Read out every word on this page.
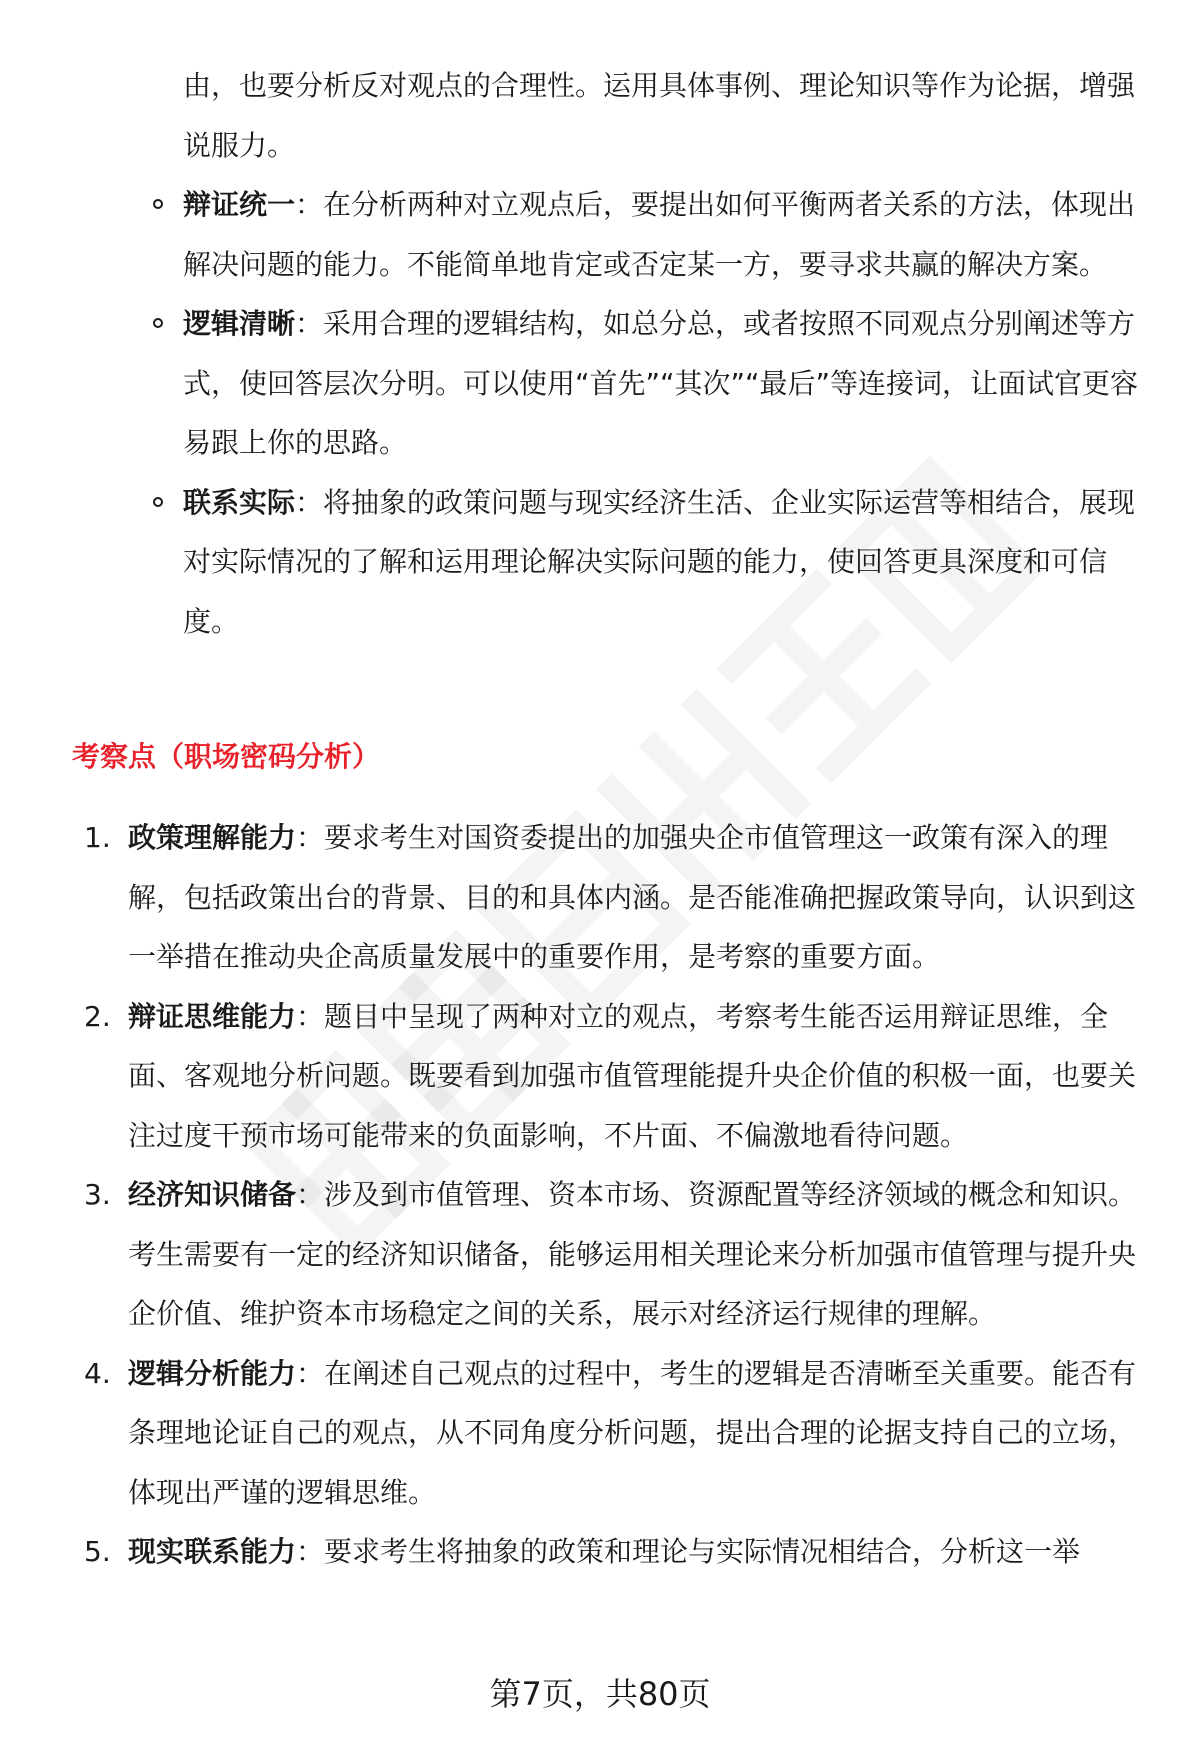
由，也要分析反对观点的合理性。运用具体事例、理论知识等作为论据，增强说服力。
辩证统一：在分析两种对立观点后，要提出如何平衡两者关系的方法，体现出解决问题的能力。不能简单地肯定或否定某一方，要寻求共赢的解决方案。
逻辑清晰：采用合理的逻辑结构，如总分总，或者按照不同观点分别阐述等方式，使回答层次分明。可以使用“首先”“其次”“最后”等连接词，让面试官更容易跟上你的思路。
联系实际：将抽象的政策问题与现实经济生活、企业实际运营等相结合，展现对实际情况的了解和运用理论解决实际问题的能力，使回答更具深度和可信度。
考察点（职场密码分析）
1. 政策理解能力：要求考生对国资委提出的加强央企市值管理这一政策有深入的理解，包括政策出台的背景、目的和具体内涵。是否能准确把握政策导向，认识到这一举措在推动央企高质量发展中的重要作用，是考察的重要方面。
2. 辩证思维能力：题目中呈现了两种对立的观点，考察考生能否运用辩证思维，全面、客观地分析问题。既要看到加强市值管理能提升央企价值的积极一面，也要关注过度干预市场可能带来的负面影响，不片面、不偏激地看待问题。
3. 经济知识储备：涉及到市值管理、资本市场、资源配置等经济领域的概念和知识。考生需要有一定的经济知识储备，能够运用相关理论来分析加强市值管理与提升央企价值、维护资本市场稳定之间的关系，展示对经济运行规律的理解。
4. 逻辑分析能力：在阐述自己观点的过程中，考生的逻辑是否清晰至关重要。能否有条理地论证自己的观点，从不同角度分析问题，提出合理的论据支持自己的立场，体现出严谨的逻辑思维。
5. 现实联系能力：要求考生将抽象的政策和理论与实际情况相结合，分析这一举
第7页，共80页
